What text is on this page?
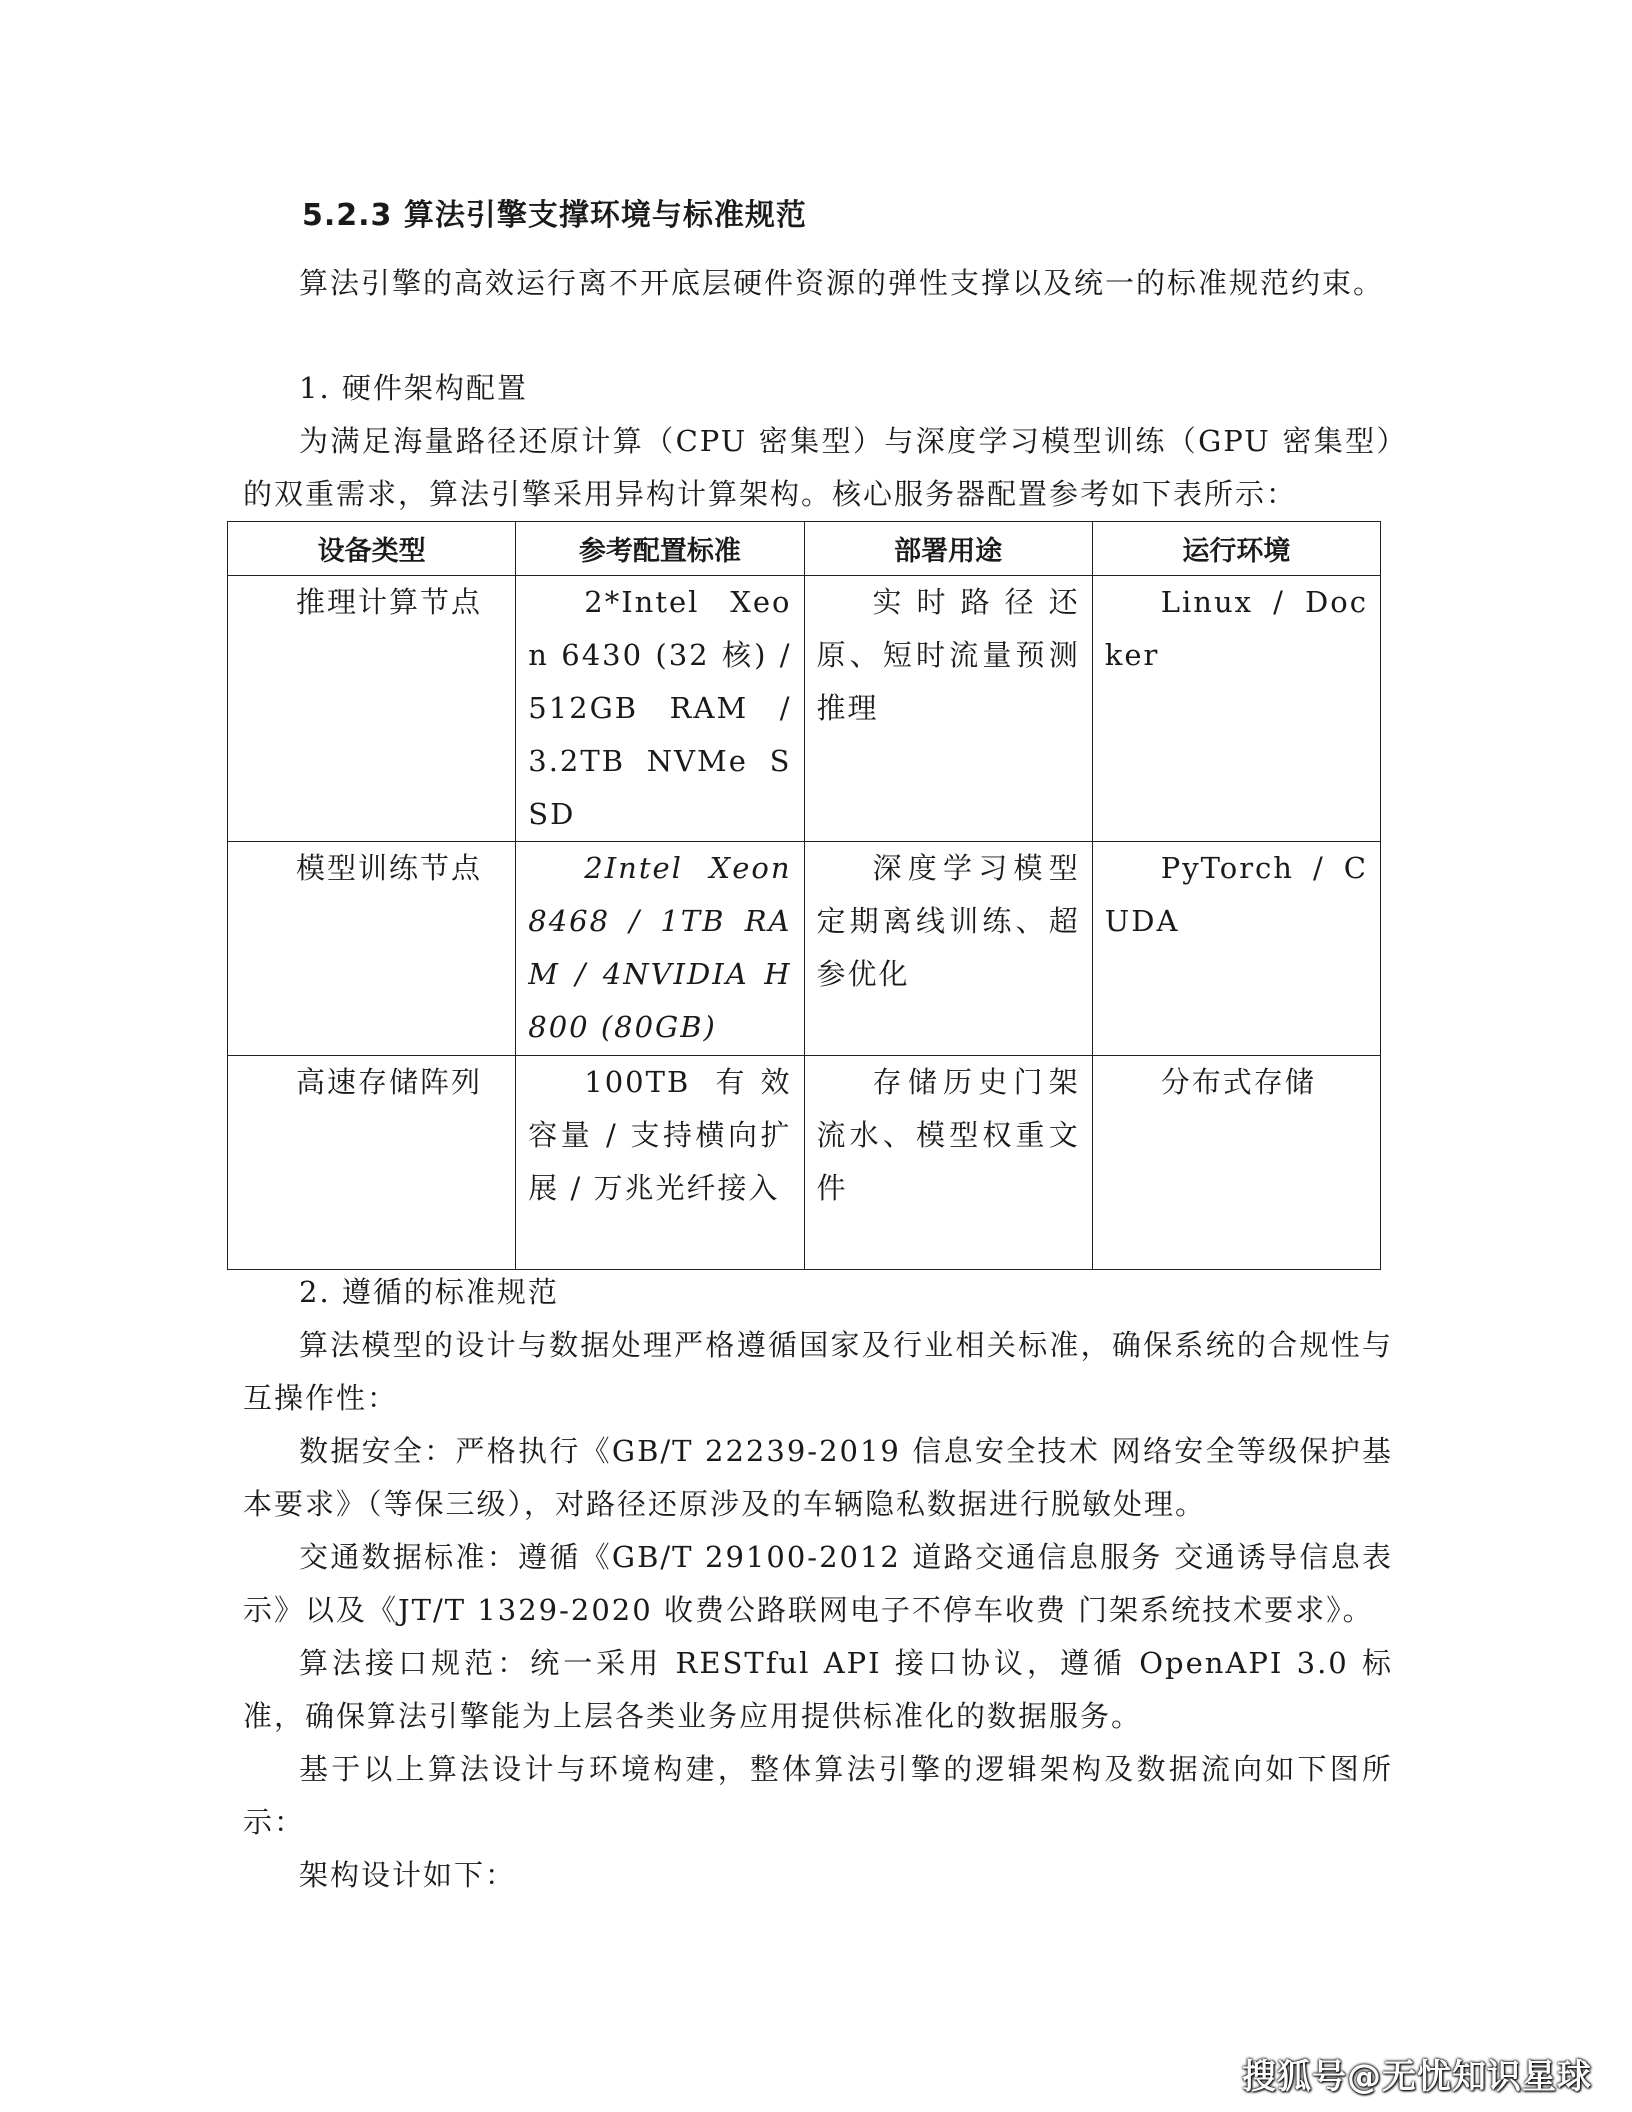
5.2.3 算法引擎支撑环境与标准规范

算法引擎的高效运行离不开底层硬件资源的弹性支撑以及统一的标准规范约束。

1. 硬件架构配置

为满足海量路径还原计算（CPU 密集型）与深度学习模型训练（GPU 密集型）的双重需求，算法引擎采用异构计算架构。核心服务器配置参考如下表所示：

设备类型	参考配置标准	部署用途	运行环境

推理计算节点	2*Intel Xeon 6430 (32 核) / 512GB RAM / 3.2TB NVMe SSD	实时路径还原、短时流量预测推理	Linux / Docker

模型训练节点	2Intel Xeon 8468 / 1TB RAM / 4NVIDIA H800 (80GB)	深度学习模型定期离线训练、超参优化	PyTorch / CUDA

高速存储阵列	100TB 有效容量 / 支持横向扩展 / 万兆光纤接入	存储历史门架流水、模型权重文件	分布式存储
2. 遵循的标准规范

算法模型的设计与数据处理严格遵循国家及行业相关标准，确保系统的合规性与互操作性：

数据安全：严格执行《GB/T 22239-2019 信息安全技术 网络安全等级保护基本要求》（等保三级），对路径还原涉及的车辆隐私数据进行脱敏处理。

交通数据标准：遵循《GB/T 29100-2012 道路交通信息服务 交通诱导信息表示》以及《JT/T 1329-2020 收费公路联网电子不停车收费 门架系统技术要求》。

算法接口规范：统一采用 RESTful API 接口协议，遵循 OpenAPI 3.0 标准，确保算法引擎能为上层各类业务应用提供标准化的数据服务。

基于以上算法设计与环境构建，整体算法引擎的逻辑架构及数据流向如下图所示：

架构设计如下：

搜狐号@无忧知识星球
